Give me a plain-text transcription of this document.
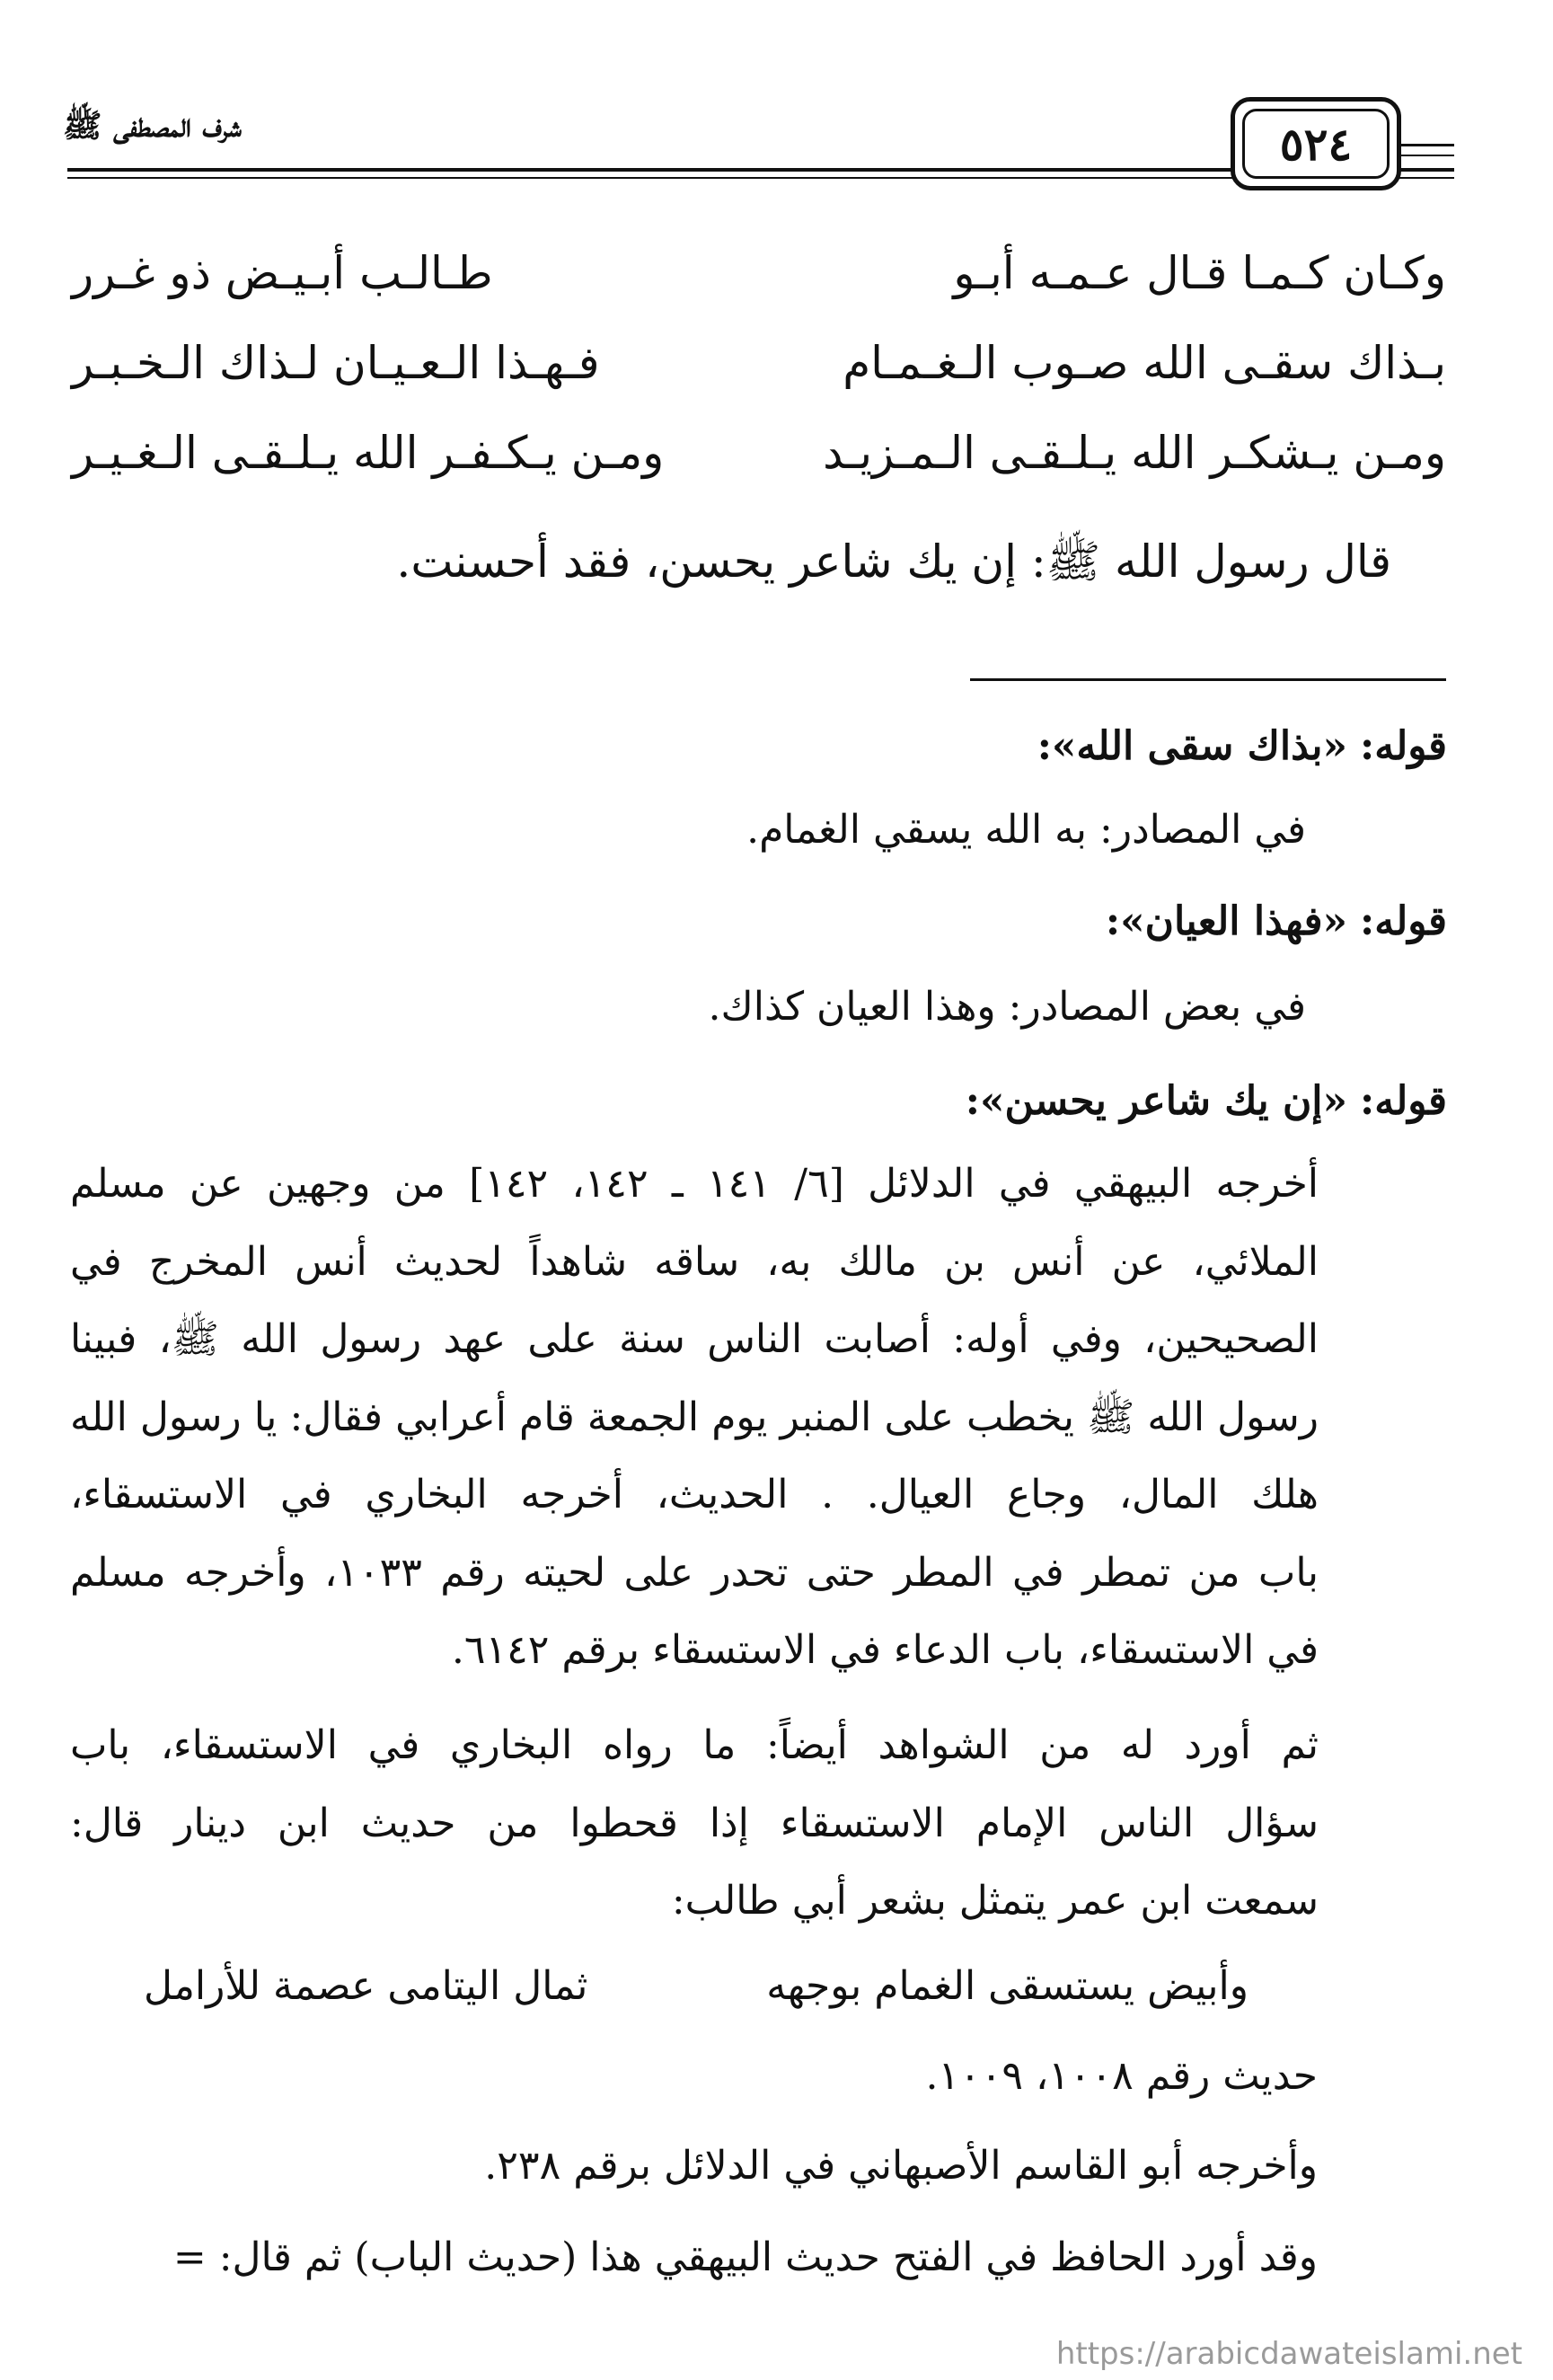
شرف المصطفى ﷺ	٥٢٤
وكـان كـمـا قـال عـمـه أبـو
طـالـب أبـيـض ذو غـرر
بـذاك سقـى الله صـوب الـغـمـام
فـهـذا الـعـيـان لـذاك الـخـبـر
ومـن يـشكـر الله يـلـقـى الـمـزيـد
ومـن يـكـفـر الله يـلـقـى الـغـيـر
قال رسول الله ﷺ: إن يك شاعر يحسن، فقد أحسنت.
قوله: «بذاك سقى الله»:
في المصادر: به الله يسقي الغمام.
قوله: «فهذا العيان»:
في بعض المصادر: وهذا العيان كذاك.
قوله: «إن يك شاعر يحسن»:
أخرجه البيهقي في الدلائل [٦/ ١٤١ ـ ١٤٢، ١٤٢] من وجهين عن مسلم
الملائي، عن أنس بن مالك به، ساقه شاهداً لحديث أنس المخرج في
الصحيحين، وفي أوله: أصابت الناس سنة على عهد رسول الله ﷺ، فبينا
رسول الله ﷺ يخطب على المنبر يوم الجمعة قام أعرابي فقال: يا رسول الله
هلك المال، وجاع العيال. . الحديث، أخرجه البخاري في الاستسقاء،
باب من تمطر في المطر حتى تحدر على لحيته رقم ١٠٣٣، وأخرجه مسلم
في الاستسقاء، باب الدعاء في الاستسقاء برقم ٦١٤٢.
ثم أورد له من الشواهد أيضاً: ما رواه البخاري في الاستسقاء، باب
سؤال الناس الإمام الاستسقاء إذا قحطوا من حديث ابن دينار قال:
سمعت ابن عمر يتمثل بشعر أبي طالب:
وأبيض يستسقى الغمام بوجهه
ثمال اليتامى عصمة للأرامل
حديث رقم ١٠٠٨، ١٠٠٩.
وأخرجه أبو القاسم الأصبهاني في الدلائل برقم ٢٣٨.
وقد أورد الحافظ في الفتح حديث البيهقي هذا (حديث الباب) ثم قال: =
https://arabicdawateislami.net
